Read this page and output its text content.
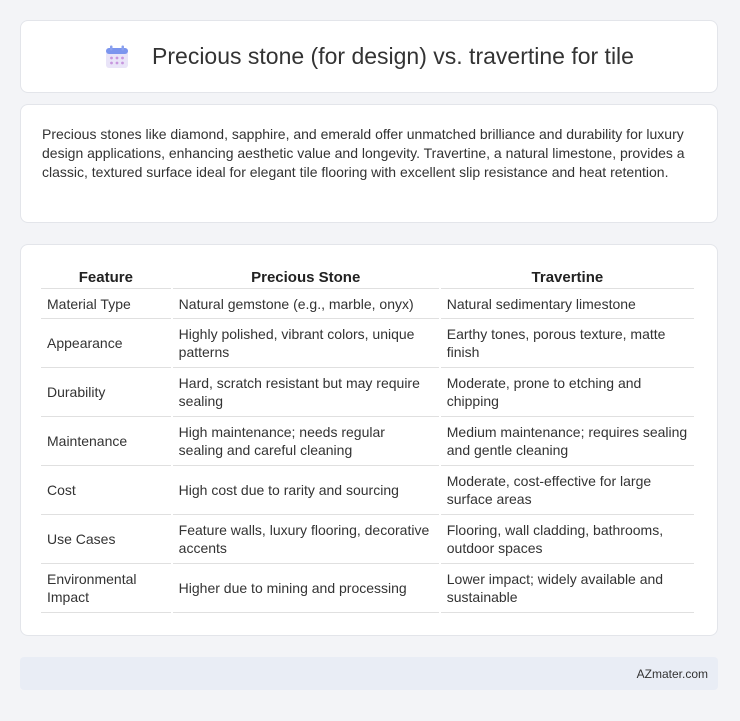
Precious stone (for design) vs. travertine for tile

Precious stones like diamond, sapphire, and emerald offer unmatched brilliance and durability for luxury design applications, enhancing aesthetic value and longevity. Travertine, a natural limestone, provides a classic, textured surface ideal for elegant tile flooring with excellent slip resistance and heat retention.

Feature	Precious Stone	Travertine
Material Type	Natural gemstone (e.g., marble, onyx)	Natural sedimentary limestone
Appearance	Highly polished, vibrant colors, unique patterns	Earthy tones, porous texture, matte finish
Durability	Hard, scratch resistant but may require sealing	Moderate, prone to etching and chipping
Maintenance	High maintenance; needs regular sealing and careful cleaning	Medium maintenance; requires sealing and gentle cleaning
Cost	High cost due to rarity and sourcing	Moderate, cost-effective for large surface areas
Use Cases	Feature walls, luxury flooring, decorative accents	Flooring, wall cladding, bathrooms, outdoor spaces
Environmental Impact	Higher due to mining and processing	Lower impact; widely available and sustainable
AZmater.com
